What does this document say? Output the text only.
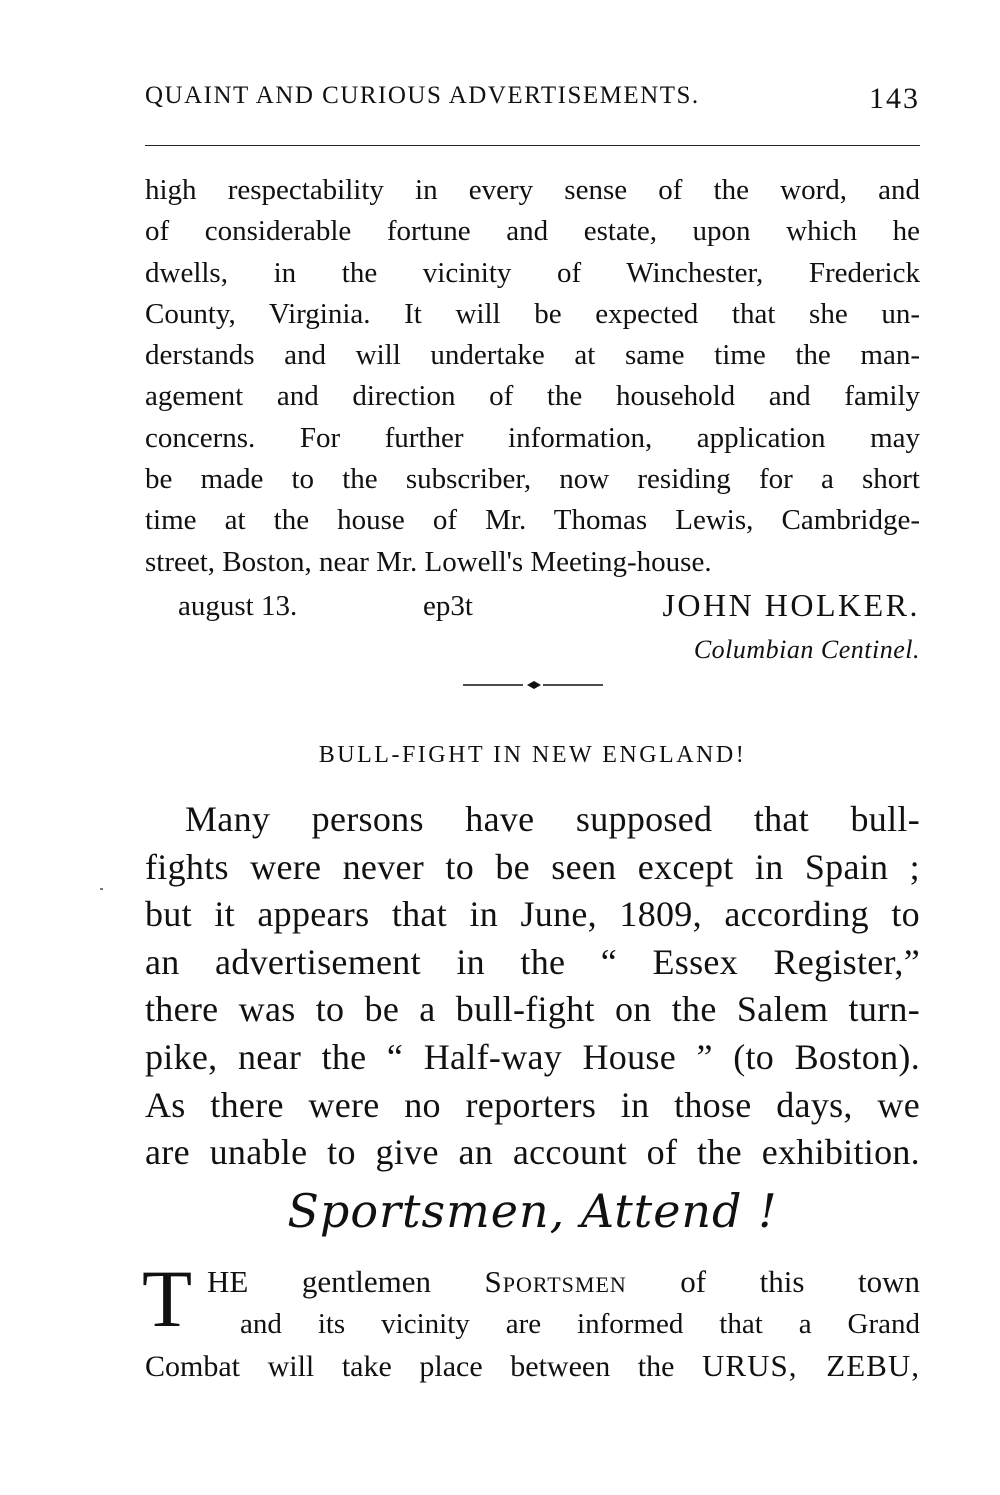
QUAINT AND CURIOUS ADVERTISEMENTS.	143
high respectability in every sense of the word, and
of considerable fortune and estate, upon which he
dwells, in the vicinity of Winchester, Frederick
County, Virginia. It will be expected that she un-
derstands and will undertake at same time the man-
agement and direction of the household and family
concerns. For further information, application may
be made to the subscriber, now residing for a short
time at the house of Mr. Thomas Lewis, Cambridge-
street, Boston, near Mr. Lowell's Meeting-house.
august 13.	ep3t	JOHN HOLKER.
Columbian Centinel.
BULL-FIGHT IN NEW ENGLAND!
Many persons have supposed that bull-
fights were never to be seen except in Spain ;
but it appears that in June, 1809, according to
an advertisement in the “ Essex Register,”
there was to be a bull-fight on the Salem turn-
pike, near the “ Half-way House ” (to Boston).
As there were no reporters in those days, we
are unable to give an account of the exhibition.
Sportsmen, Attend !
T HE gentlemen Sportsmen of this town
and its vicinity are informed that a Grand
Combat will take place between the URUS, ZEBU,
